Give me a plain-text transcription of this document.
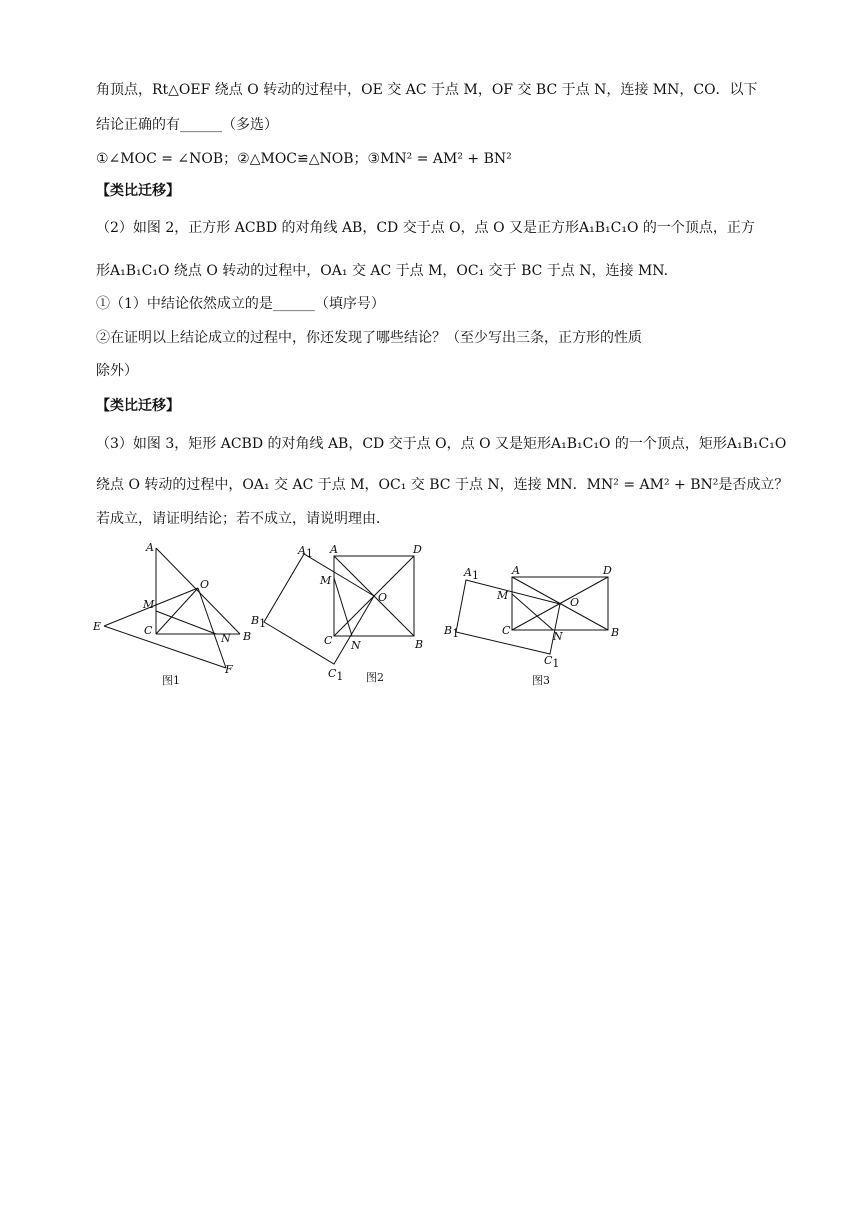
角顶点，Rt△OEF 绕点 O 转动的过程中，OE 交 AC 于点 M，OF 交 BC 于点 N，连接 MN，CO．以下
结论正确的有______（多选）
①∠MOC = ∠NOB；②△MOC≌△NOB；③MN² = AM² + BN²
【类比迁移】
（2）如图 2，正方形 ACBD 的对角线 AB，CD 交于点 O，点 O 又是正方形A₁B₁C₁O 的一个顶点，正方
形A₁B₁C₁O 绕点 O 转动的过程中，OA₁ 交 AC 于点 M，OC₁ 交于 BC 于点 N，连接 MN.
①（1）中结论依然成立的是______（填序号）
②在证明以上结论成立的过程中，你还发现了哪些结论？（至少写出三条，正方形的性质
除外）
【类比迁移】
（3）如图 3，矩形 ACBD 的对角线 AB，CD 交于点 O，点 O 又是矩形A₁B₁C₁O 的一个顶点，矩形A₁B₁C₁O
绕点 O 转动的过程中，OA₁ 交 AC 于点 M，OC₁ 交 BC 于点 N，连接 MN．MN² = AM² + BN²是否成立？
若成立，请证明结论；若不成立，请说明理由．
A
O
M
E	C
N B
F
图1
A1 A	D
M
O
B1
C N	B
C1 图2
A1	A	D
M
O
B1	C	N	B
C1
图3
